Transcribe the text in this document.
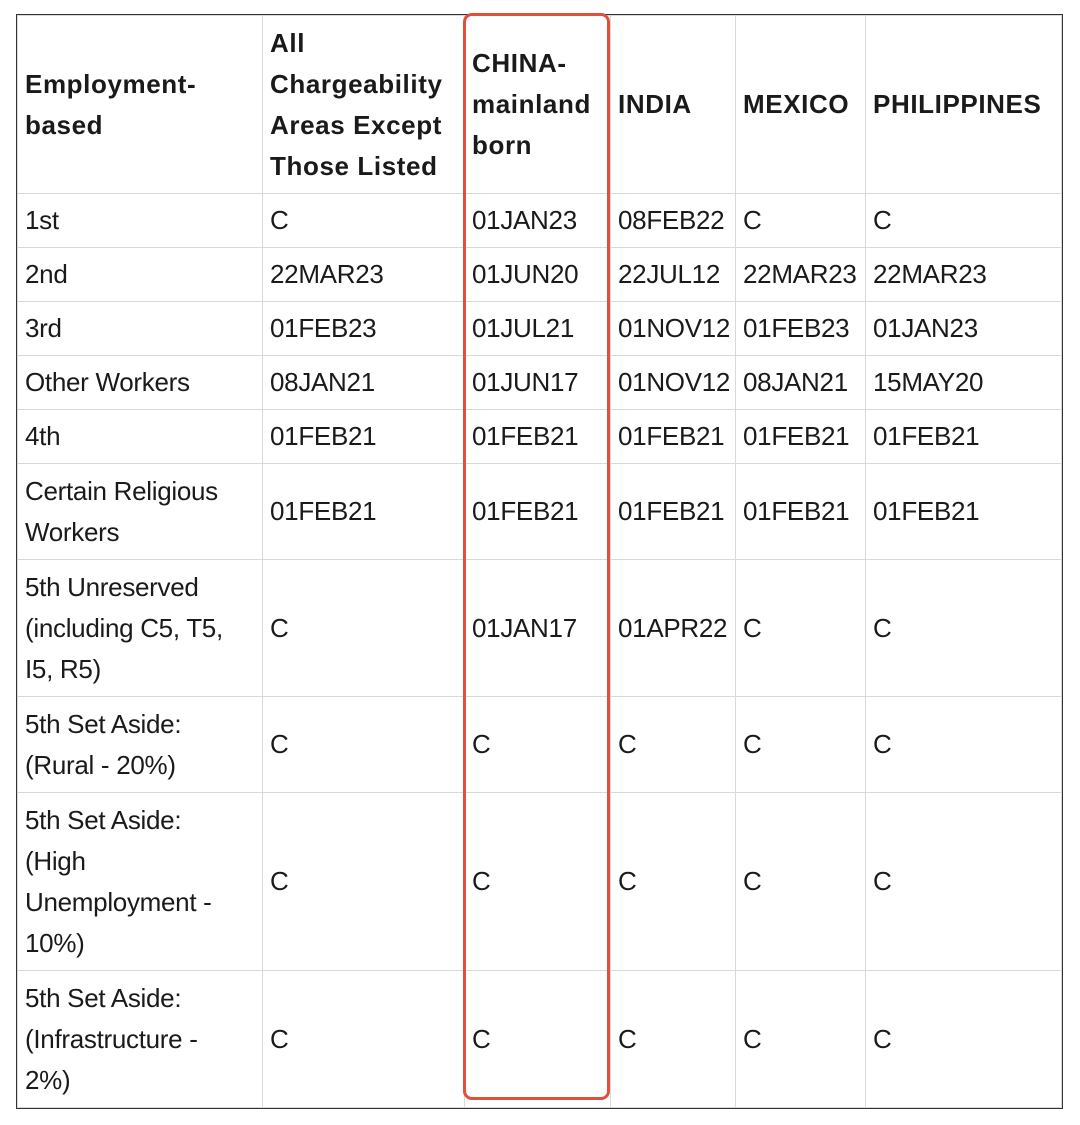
Employment-
based	All
Chargeability
Areas Except
Those Listed	CHINA-
mainland
born	INDIA	MEXICO	PHILIPPINES
1st	C	01JAN23	08FEB22	C	C
2nd	22MAR23	01JUN20	22JUL12	22MAR23	22MAR23
3rd	01FEB23	01JUL21	01NOV12	01FEB23	01JAN23
Other Workers	08JAN21	01JUN17	01NOV12	08JAN21	15MAY20
4th	01FEB21	01FEB21	01FEB21	01FEB21	01FEB21
Certain Religious
Workers	01FEB21	01FEB21	01FEB21	01FEB21	01FEB21
5th Unreserved
(including C5, T5,
I5, R5)	C	01JAN17	01APR22	C	C
5th Set Aside:
(Rural - 20%)	C	C	C	C	C
5th Set Aside:
(High
Unemployment -
10%)	C	C	C	C	C
5th Set Aside:
(Infrastructure -
2%)	C	C	C	C	C
